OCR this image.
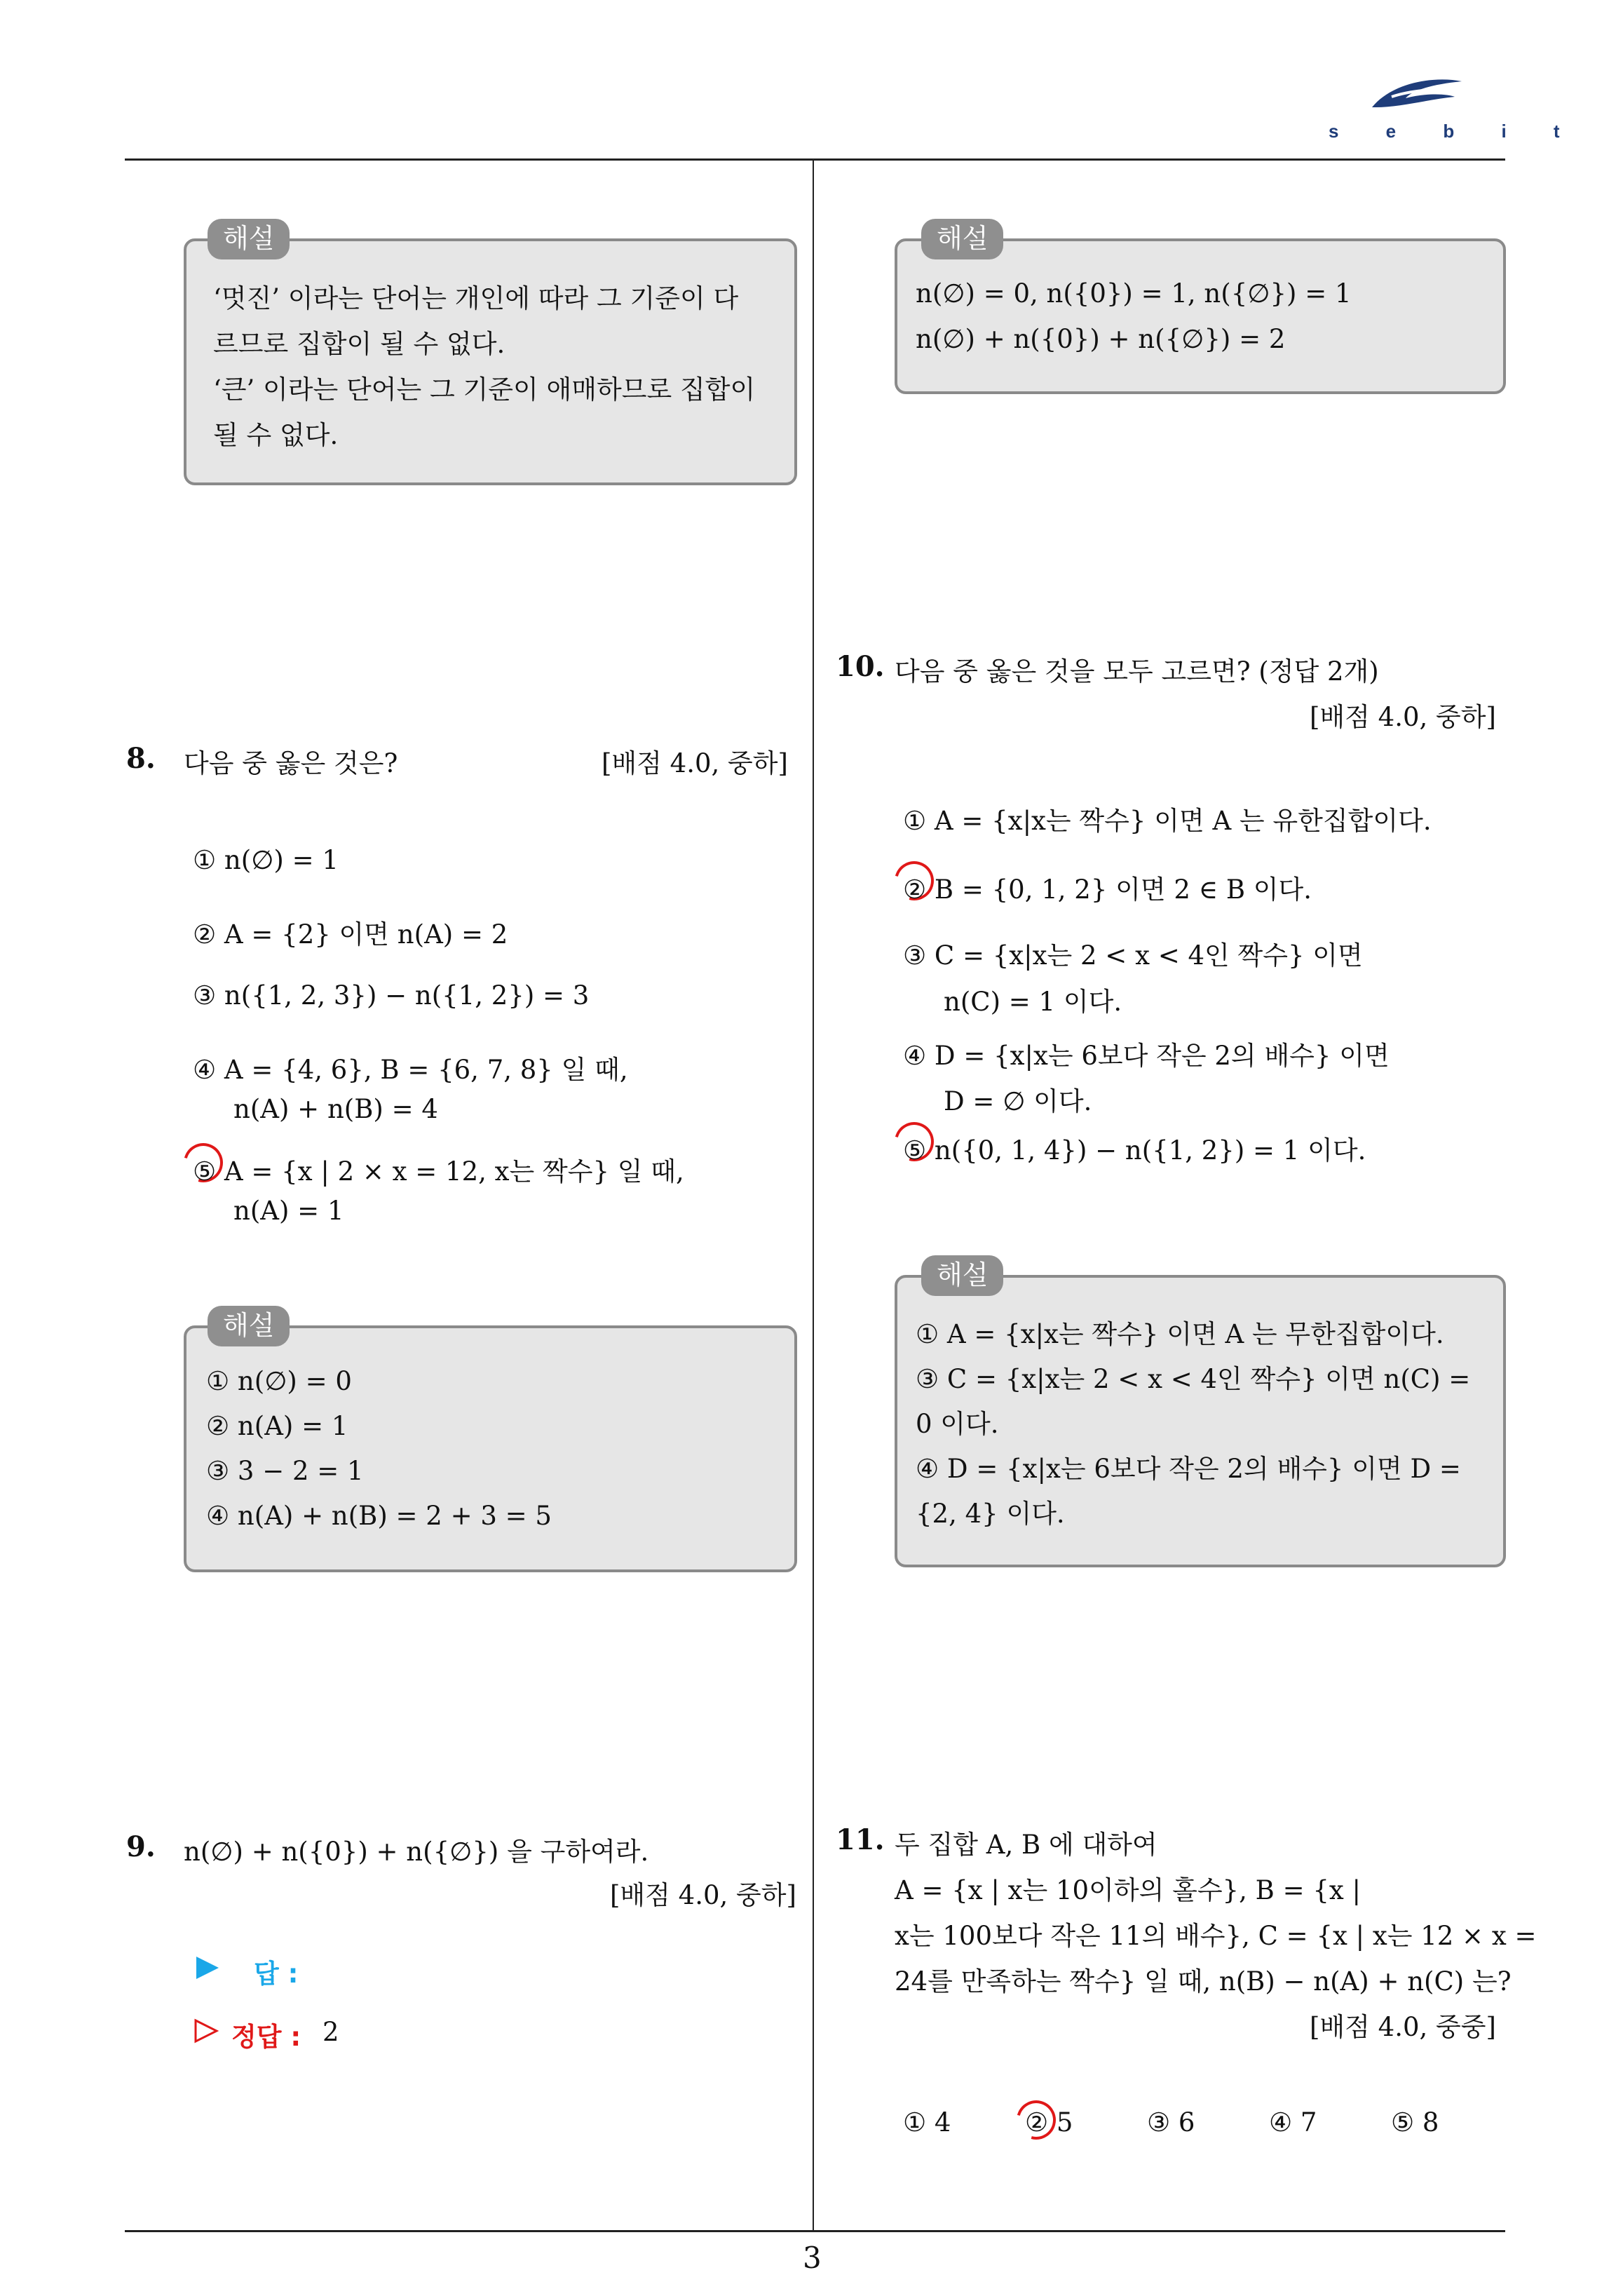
s e b i t
3
해설
‘멋진’ 이라는 단어는 개인에 따라 그 기준이 다
르므로 집합이 될 수 없다.
‘큰’ 이라는 단어는 그 기준이 애매하므로 집합이
될 수 없다.
8. 다음 중 옳은 것은?	[배점 4.0, 중하]
① n(∅) = 1
② A = {2} 이면 n(A) = 2
③ n({1, 2, 3}) − n({1, 2}) = 3
④ A = {4, 6}, B = {6, 7, 8} 일 때,
n(A) + n(B) = 4
⑤ A = {x | 2 × x = 12, x는 짝수} 일 때,
n(A) = 1
해설
① n(∅) = 0
② n(A) = 1
③ 3 − 2 = 1
④ n(A) + n(B) = 2 + 3 = 5
9. n(∅) + n({0}) + n({∅}) 을 구하여라.
[배점 4.0, 중하]
답 :
정답 : 2
해설
n(∅) = 0, n({0}) = 1, n({∅}) = 1
n(∅) + n({0}) + n({∅}) = 2
10. 다음 중 옳은 것을 모두 고르면? (정답 2개)
[배점 4.0, 중하]
① A = {x|x는 짝수} 이면 A 는 유한집합이다.
② B = {0, 1, 2} 이면 2 ∈ B 이다.
③ C = {x|x는 2 < x < 4인 짝수} 이면
n(C) = 1 이다.
④ D = {x|x는 6보다 작은 2의 배수} 이면
D = ∅ 이다.
⑤ n({0, 1, 4}) − n({1, 2}) = 1 이다.
해설
① A = {x|x는 짝수} 이면 A 는 무한집합이다.
③ C = {x|x는 2 < x < 4인 짝수} 이면 n(C) =
0 이다.
④ D = {x|x는 6보다 작은 2의 배수} 이면 D =
{2, 4} 이다.
11. 두 집합 A, B 에 대하여
A = {x | x는 10이하의 홀수}, B = {x |
x는 100보다 작은 11의 배수}, C = {x | x는 12 × x =
24를 만족하는 짝수} 일 때, n(B) − n(A) + n(C) 는?
[배점 4.0, 중중]
① 4	② 5	③ 6	④ 7	⑤ 8
